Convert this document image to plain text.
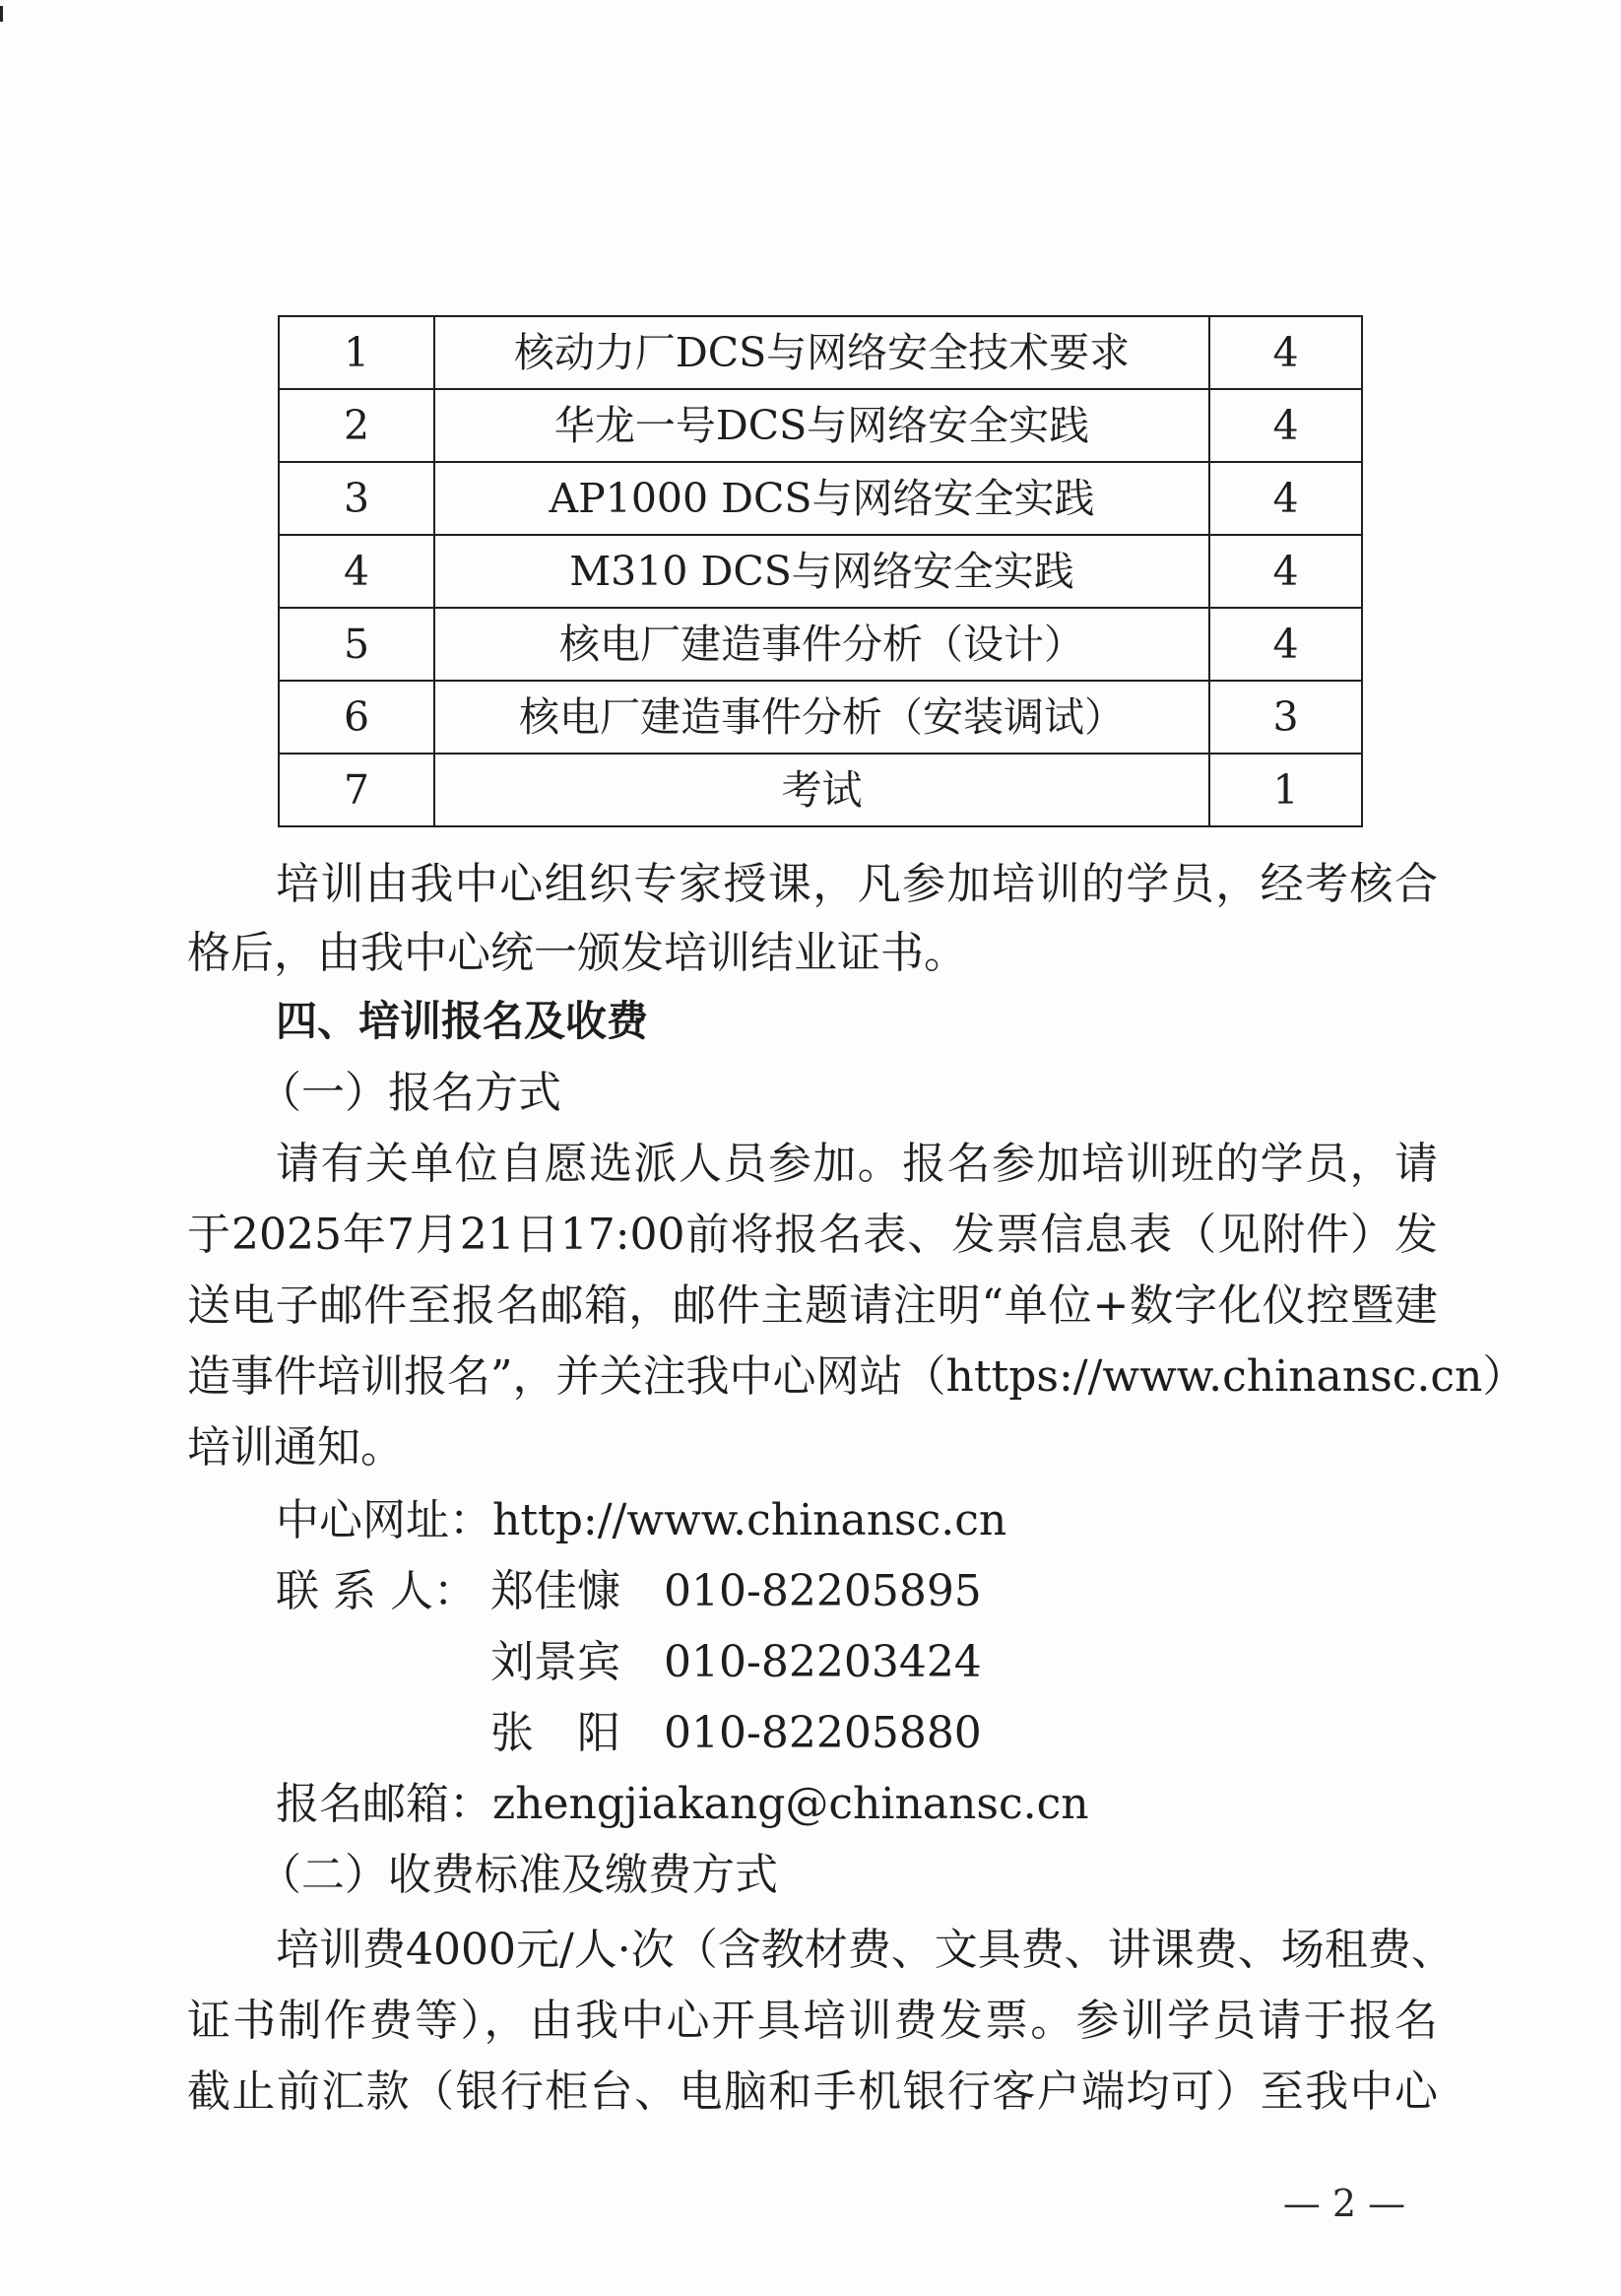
1	核动力厂DCS与网络安全技术要求	4
2	华龙一号DCS与网络安全实践	4
3	AP1000 DCS与网络安全实践	4
4	M310 DCS与网络安全实践	4
5	核电厂建造事件分析（设计）	4
6	核电厂建造事件分析（安装调试）	3
7	考试	1
培训由我中心组织专家授课，凡参加培训的学员，经考核合
格后，由我中心统一颁发培训结业证书。
四、培训报名及收费
（一）报名方式
请有关单位自愿选派人员参加。报名参加培训班的学员，请
于2025年7月21日17:00前将报名表、发票信息表（见附件）发
送电子邮件至报名邮箱，邮件主题请注明“单位+数字化仪控暨建
造事件培训报名”，并关注我中心网站（https://www.chinansc.cn）
培训通知。
中心网址：http://www.chinansc.cn
联 系 人： 郑佳慷 010-82205895
刘景宾 010-82203424
张　阳 010-82205880
报名邮箱：zhengjiakang@chinansc.cn
（二）收费标准及缴费方式
培训费4000元/人·次（含教材费、文具费、讲课费、场租费、
证书制作费等），由我中心开具培训费发票。参训学员请于报名
截止前汇款（银行柜台、电脑和手机银行客户端均可）至我中心
— 2 —
